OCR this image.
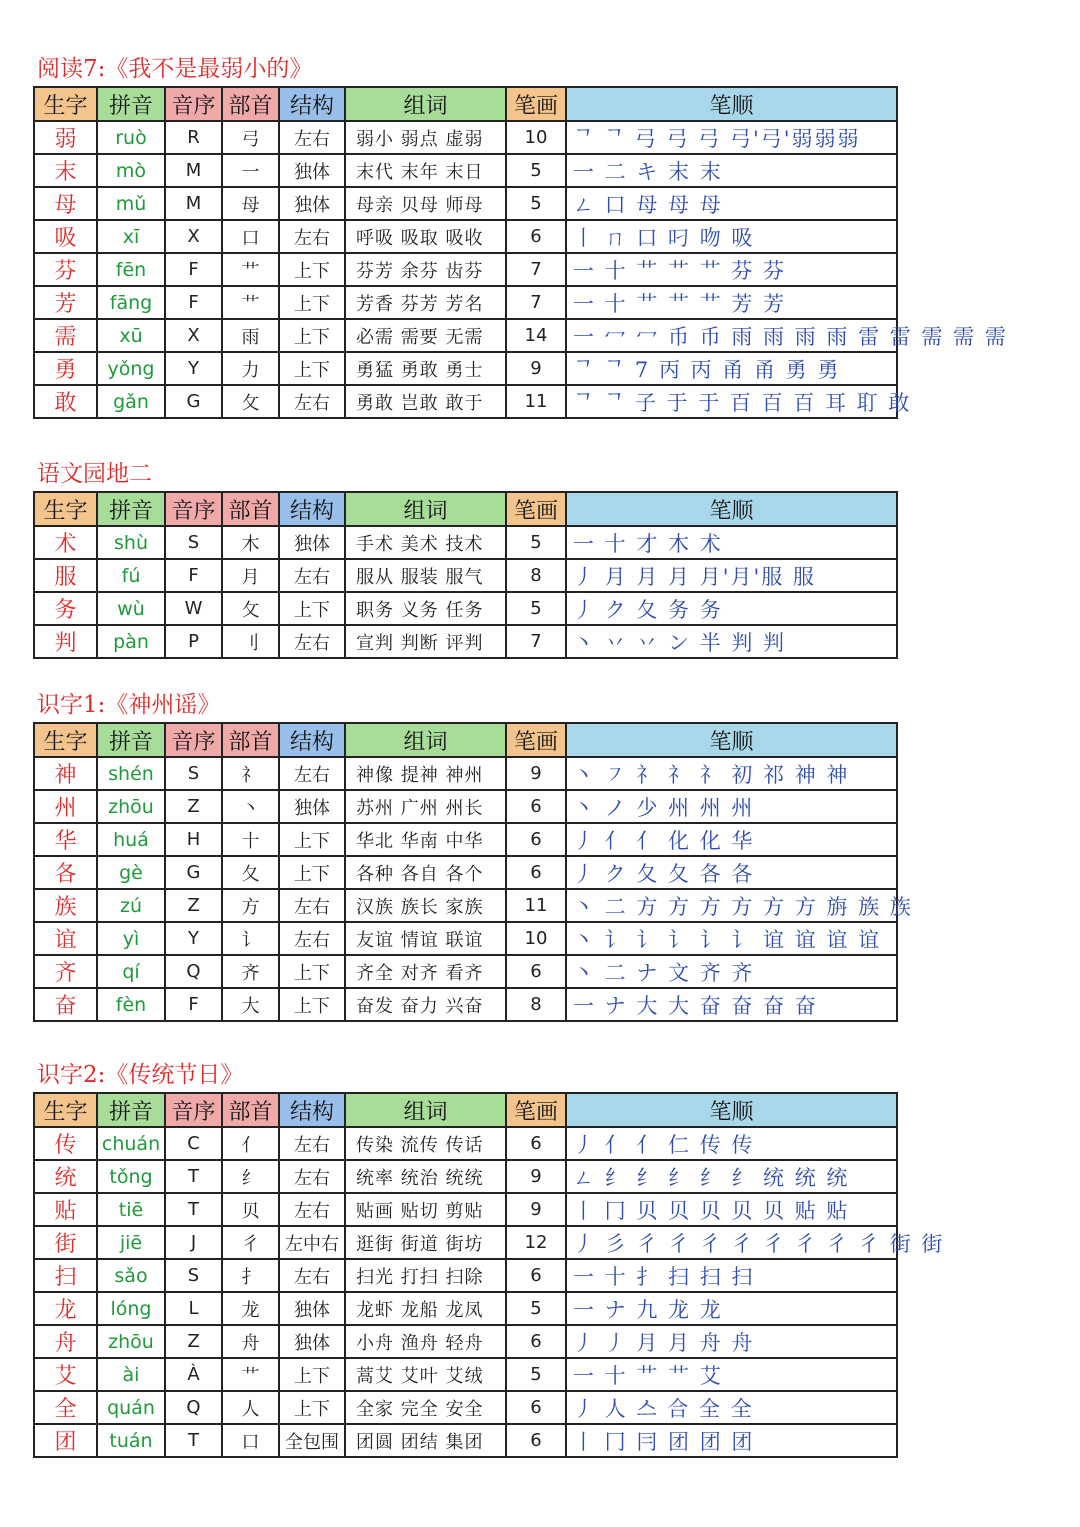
阅读7:《我不是最弱小的》
生字	拼音	音序	部首	结构	组词	笔画	笔顺
弱	ruò	R	弓	左右	弱小 弱点 虚弱	10	ᄀ ᄀ 弓 弓 弓 弓'弓'弱弱弱
末	mò	M	一	独体	末代 末年 末日	5	一 二 キ 末 末
母	mǔ	M	母	独体	母亲 贝母 师母	5	ㄥ 口 母 母 母
吸	xī	X	口	左右	呼吸 吸取 吸收	6	丨 ㄇ 口 叼 吻 吸
芬	fēn	F	艹	上下	芬芳 余芬 齿芬	7	一 十 艹 艹 艹 芬 芬
芳	fāng	F	艹	上下	芳香 芬芳 芳名	7	一 十 艹 艹 艹 芳 芳
需	xū	X	雨	上下	必需 需要 无需	14	一 冖 冖 币 币 雨 雨 雨 雨 雷 雷 需 需 需
勇	yǒng	Y	力	上下	勇猛 勇敢 勇士	9	ᄀ ᄀ 7 丙 丙 甬 甬 勇 勇
敢	gǎn	G	攵	左右	勇敢 岂敢 敢于	11	ᄀ ᄀ 子 于 于 百 百 百 耳 耵 敢
语文园地二
生字	拼音	音序	部首	结构	组词	笔画	笔顺
术	shù	S	木	独体	手术 美术 技术	5	一 十 才 木 术
服	fú	F	月	左右	服从 服装 服气	8	丿 月 月 月 月'月'服 服
务	wù	W	攵	上下	职务 义务 任务	5	丿 ク 夂 务 务
判	pàn	P	刂	左右	宣判 判断 评判	7	丶 丷 丷 ン 半 判 判
识字1:《神州谣》
生字	拼音	音序	部首	结构	组词	笔画	笔顺
神	shén	S	礻	左右	神像 提神 神州	9	丶 ㇇ 礻 礻 礻 初 祁 神 神
州	zhōu	Z	丶	独体	苏州 广州 州长	6	丶 ノ 少 州 州 州
华	huá	H	十	上下	华北 华南 中华	6	丿 亻 亻 化 化 华
各	gè	G	夂	上下	各种 各自 各个	6	丿 ク 夂 夂 各 各
族	zú	Z	方	左右	汉族 族长 家族	11	丶 二 方 方 方 方 方 方 旃 族 族
谊	yì	Y	讠	左右	友谊 情谊 联谊	10	丶 讠 讠 讠 讠 讠 谊 谊 谊 谊
齐	qí	Q	齐	上下	齐全 对齐 看齐	6	丶 二 ナ 文 齐 齐
奋	fèn	F	大	上下	奋发 奋力 兴奋	8	一 ナ 大 大 奋 奋 奋 奋
识字2:《传统节日》
生字	拼音	音序	部首	结构	组词	笔画	笔顺
传	chuán	C	亻	左右	传染 流传 传话	6	丿 亻 亻 仁 传 传
统	tǒng	T	纟	左右	统率 统治 统统	9	ㄥ 纟 纟 纟 纟 纟 统 统 统
贴	tiē	T	贝	左右	贴画 贴切 剪贴	9	丨 冂 贝 贝 贝 贝 贝 贴 贴
街	jiē	J	彳	左中右	逛街 街道 街坊	12	丿 彡 彳 彳 彳 彳 彳 彳 彳 彳 街 街
扫	sǎo	S	扌	左右	扫光 打扫 扫除	6	一 十 扌 扫 扫 扫
龙	lóng	L	龙	独体	龙虾 龙船 龙凤	5	一 ナ 九 龙 龙
舟	zhōu	Z	舟	独体	小舟 渔舟 轻舟	6	丿 丿 月 月 舟 舟
艾	ài	À	艹	上下	蒿艾 艾叶 艾绒	5	一 十 艹 艹 艾
全	quán	Q	人	上下	全家 完全 安全	6	丿 人 스 合 全 全
团	tuán	T	口	全包围	团圆 团结 集团	6	丨 冂 冃 团 团 团
